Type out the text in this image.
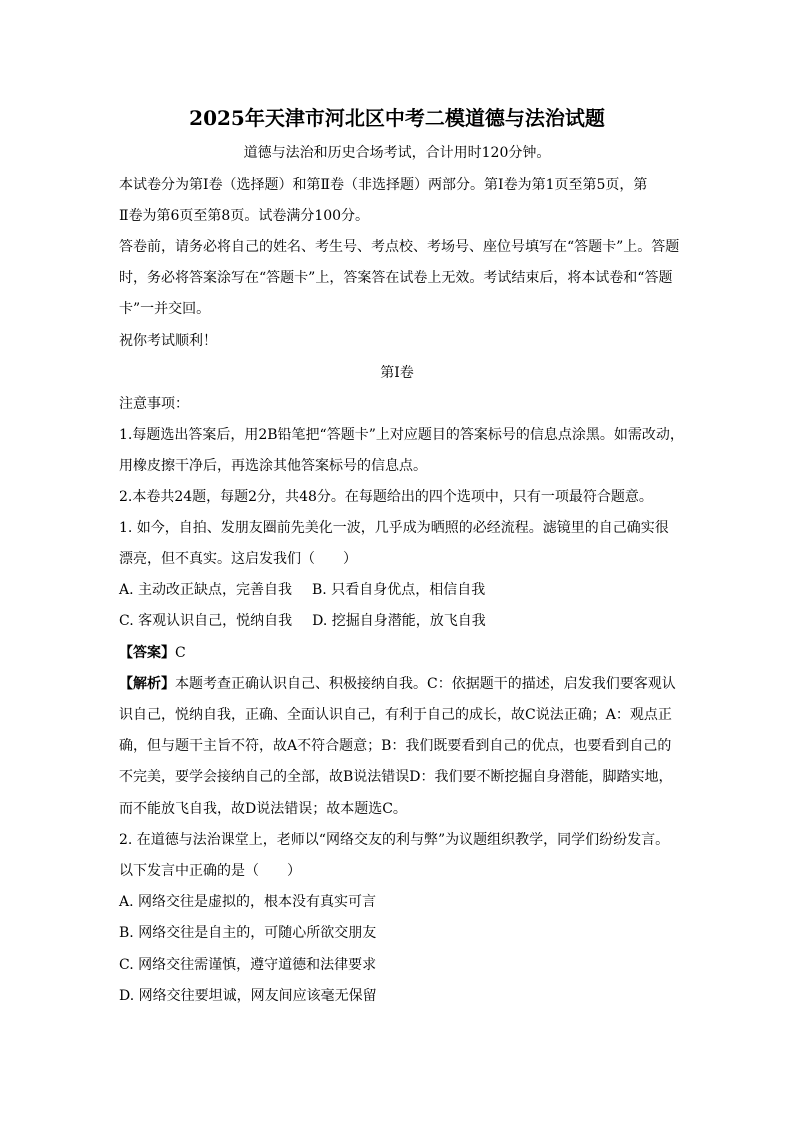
2025年天津市河北区中考二模道德与法治试题
道德与法治和历史合场考试，合计用时120分钟。
本试卷分为第Ⅰ卷（选择题）和第Ⅱ卷（非选择题）两部分。第Ⅰ卷为第1页至第5页，第
Ⅱ卷为第6页至第8页。试卷满分100分。
答卷前，请务必将自己的姓名、考生号、考点校、考场号、座位号填写在“答题卡”上。答题
时，务必将答案涂写在“答题卡”上，答案答在试卷上无效。考试结束后，将本试卷和“答题
卡”一并交回。
祝你考试顺利！
第Ⅰ卷
注意事项：
1.每题选出答案后，用2B铅笔把“答题卡”上对应题目的答案标号的信息点涂黑。如需改动，
用橡皮擦干净后，再选涂其他答案标号的信息点。
2.本卷共24题，每题2分，共48分。在每题给出的四个选项中，只有一项最符合题意。
1. 如今，自拍、发朋友圈前先美化一波，几乎成为晒照的必经流程。滤镜里的自己确实很
漂亮，但不真实。这启发我们（　　）
A. 主动改正缺点，完善自我 B. 只看自身优点，相信自我
C. 客观认识自己，悦纳自我 D. 挖掘自身潜能，放飞自我
【答案】C
【解析】本题考查正确认识自己、积极接纳自我。C：依据题干的描述，启发我们要客观认
识自己，悦纳自我，正确、全面认识自己，有利于自己的成长，故C说法正确；A：观点正
确，但与题干主旨不符，故A不符合题意；B：我们既要看到自己的优点，也要看到自己的
不完美，要学会接纳自己的全部，故B说法错误D：我们要不断挖掘自身潜能，脚踏实地，
而不能放飞自我，故D说法错误；故本题选C。
2. 在道德与法治课堂上，老师以“网络交友的利与弊”为议题组织教学，同学们纷纷发言。
以下发言中正确的是（　　）
A. 网络交往是虚拟的，根本没有真实可言
B. 网络交往是自主的，可随心所欲交朋友
C. 网络交往需谨慎，遵守道德和法律要求
D. 网络交往要坦诚，网友间应该毫无保留
